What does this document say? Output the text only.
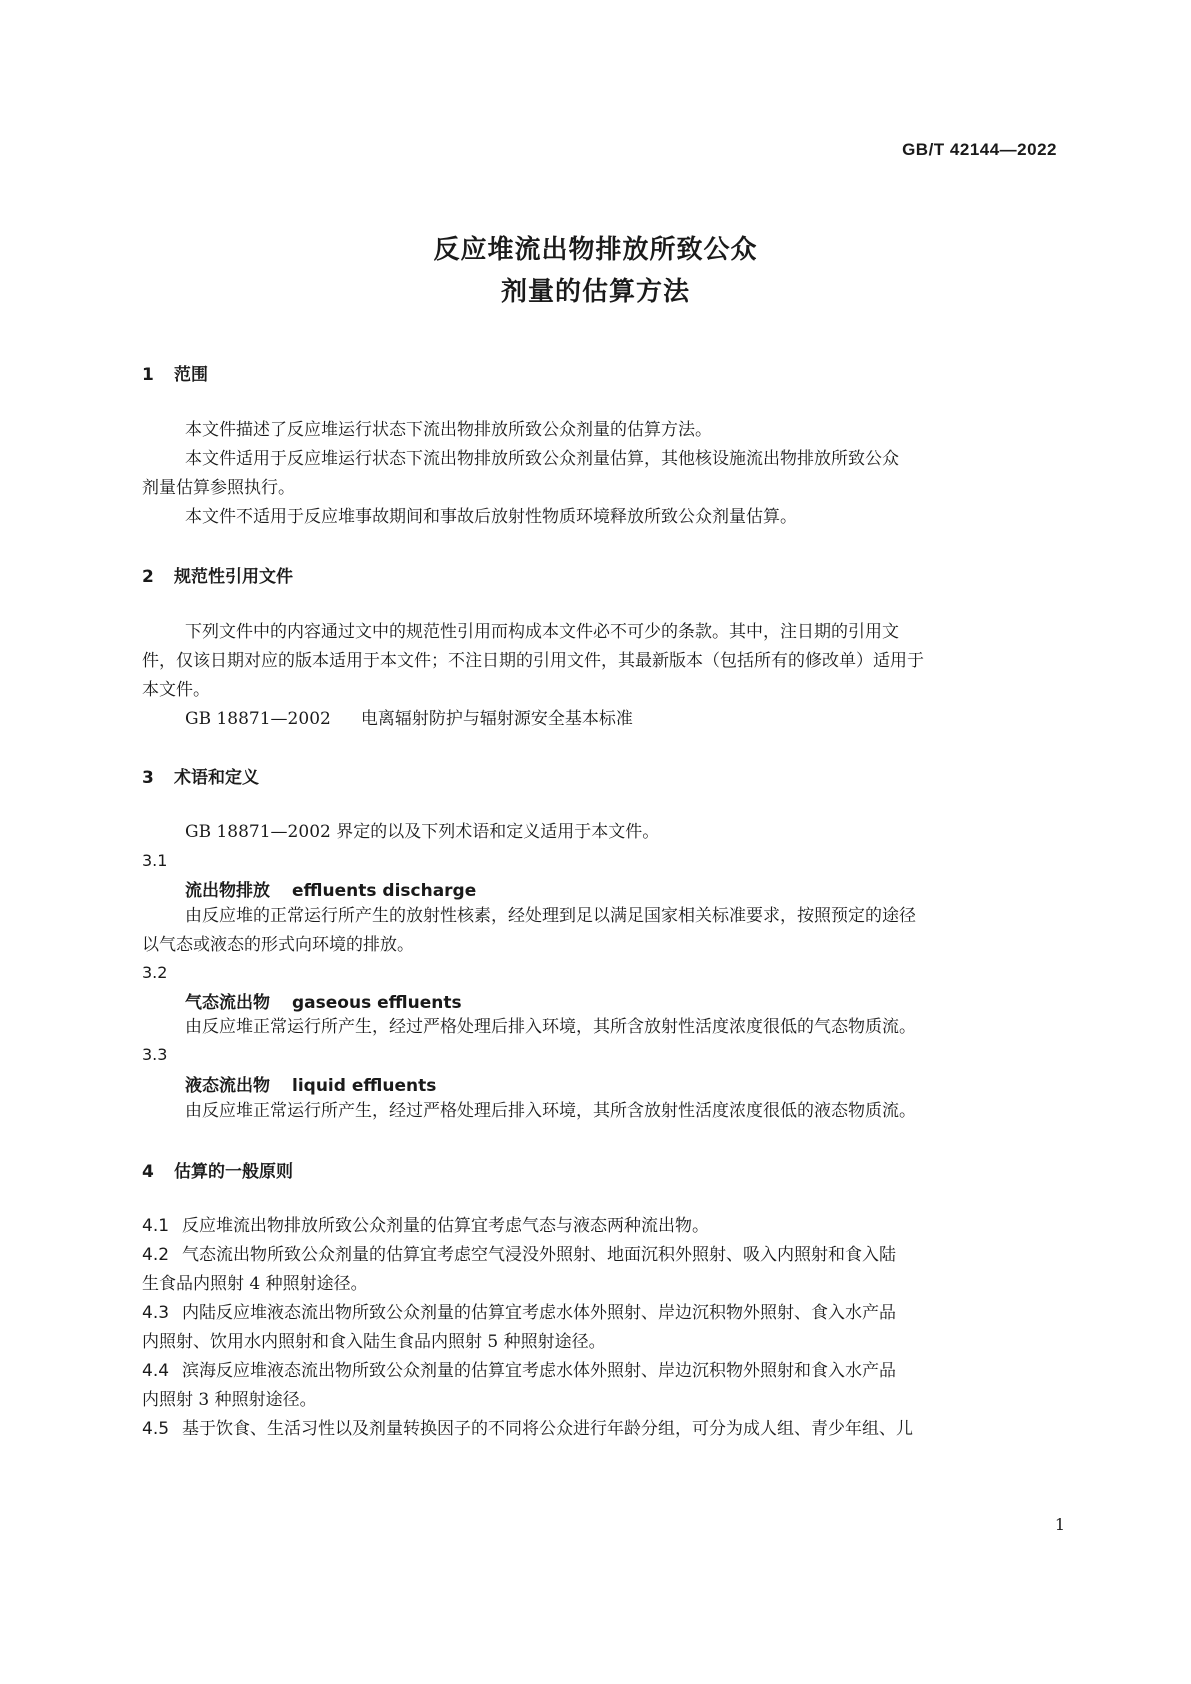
GB/T 42144—2022
反应堆流出物排放所致公众
剂量的估算方法
1 范围
本文件描述了反应堆运行状态下流出物排放所致公众剂量的估算方法。
本文件适用于反应堆运行状态下流出物排放所致公众剂量估算，其他核设施流出物排放所致公众
剂量估算参照执行。
本文件不适用于反应堆事故期间和事故后放射性物质环境释放所致公众剂量估算。
2 规范性引用文件
下列文件中的内容通过文中的规范性引用而构成本文件必不可少的条款。其中，注日期的引用文
件，仅该日期对应的版本适用于本文件；不注日期的引用文件，其最新版本（包括所有的修改单）适用于
本文件。
GB 18871—2002 电离辐射防护与辐射源安全基本标准
3 术语和定义
GB 18871—2002 界定的以及下列术语和定义适用于本文件。
3.1
流出物排放 effluents discharge
由反应堆的正常运行所产生的放射性核素，经处理到足以满足国家相关标准要求，按照预定的途径
以气态或液态的形式向环境的排放。
3.2
气态流出物 gaseous effluents
由反应堆正常运行所产生，经过严格处理后排入环境，其所含放射性活度浓度很低的气态物质流。
3.3
液态流出物 liquid effluents
由反应堆正常运行所产生，经过严格处理后排入环境，其所含放射性活度浓度很低的液态物质流。
4 估算的一般原则
4.1 反应堆流出物排放所致公众剂量的估算宜考虑气态与液态两种流出物。
4.2 气态流出物所致公众剂量的估算宜考虑空气浸没外照射、地面沉积外照射、吸入内照射和食入陆
生食品内照射 4 种照射途径。
4.3 内陆反应堆液态流出物所致公众剂量的估算宜考虑水体外照射、岸边沉积物外照射、食入水产品
内照射、饮用水内照射和食入陆生食品内照射 5 种照射途径。
4.4 滨海反应堆液态流出物所致公众剂量的估算宜考虑水体外照射、岸边沉积物外照射和食入水产品
内照射 3 种照射途径。
4.5 基于饮食、生活习性以及剂量转换因子的不同将公众进行年龄分组，可分为成人组、青少年组、儿
1
